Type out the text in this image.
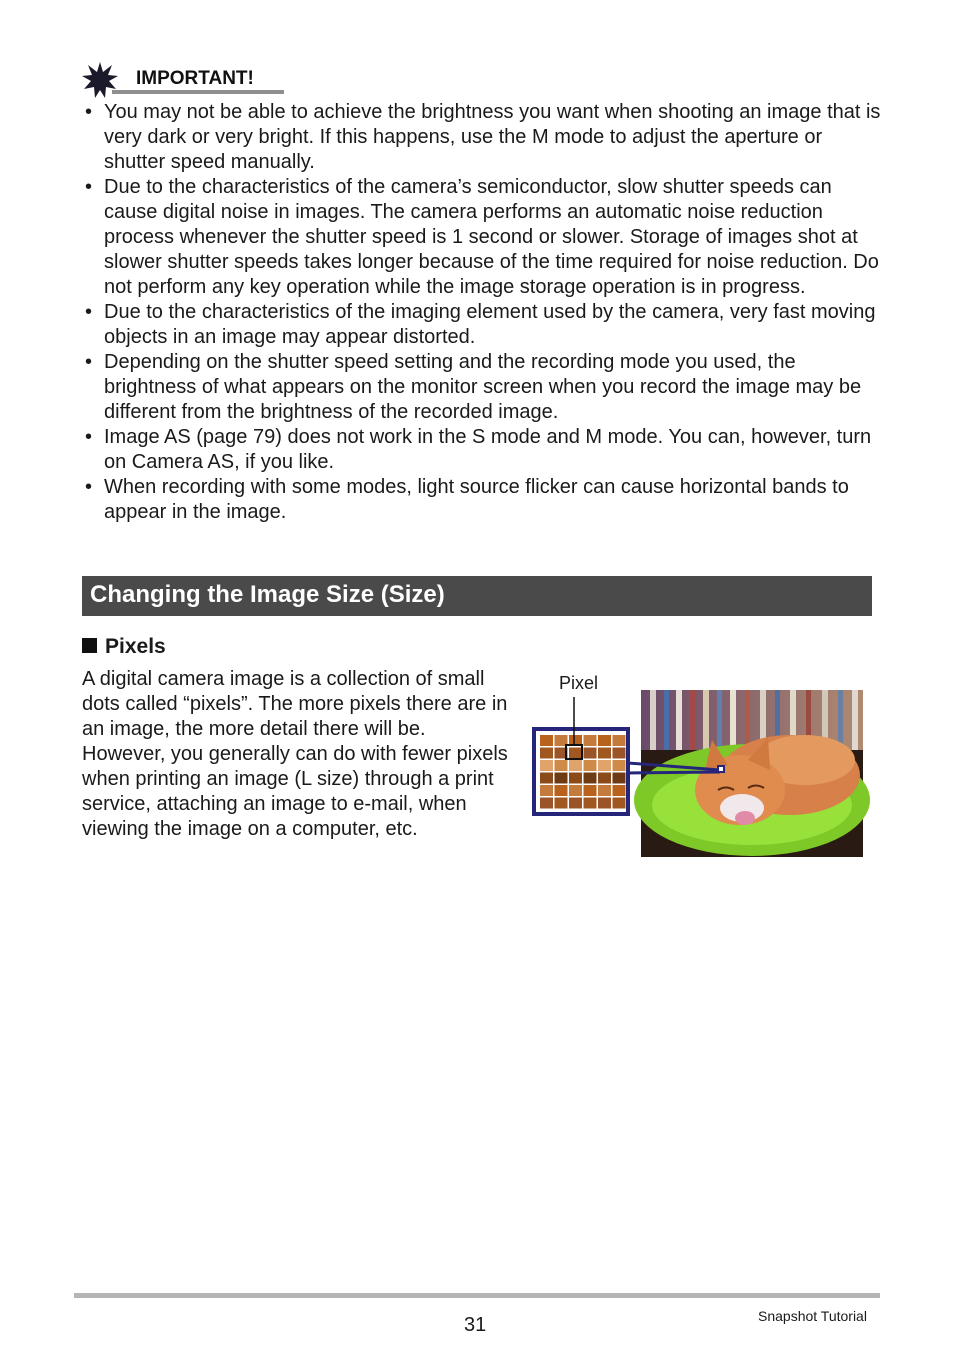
IMPORTANT!
• You may not be able to achieve the brightness you want when shooting an image that is very dark or very bright. If this happens, use the M mode to adjust the aperture or shutter speed manually.
• Due to the characteristics of the camera’s semiconductor, slow shutter speeds can cause digital noise in images. The camera performs an automatic noise reduction process whenever the shutter speed is 1 second or slower. Storage of images shot at slower shutter speeds takes longer because of the time required for noise reduction. Do not perform any key operation while the image storage operation is in progress.
• Due to the characteristics of the imaging element used by the camera, very fast moving objects in an image may appear distorted.
• Depending on the shutter speed setting and the recording mode you used, the brightness of what appears on the monitor screen when you record the image may be different from the brightness of the recorded image.
• Image AS (page 79) does not work in the S mode and M mode. You can, however, turn on Camera AS, if you like.
• When recording with some modes, light source flicker can cause horizontal bands to appear in the image.
Changing the Image Size (Size)
Pixels

A digital camera image is a collection of small dots called “pixels”. The more pixels there are in an image, the more detail there will be. However, you generally can do with fewer pixels when printing an image (L size) through a print service, attaching an image to e-mail, when viewing the image on a computer, etc.

Pixel
31	Snapshot Tutorial
